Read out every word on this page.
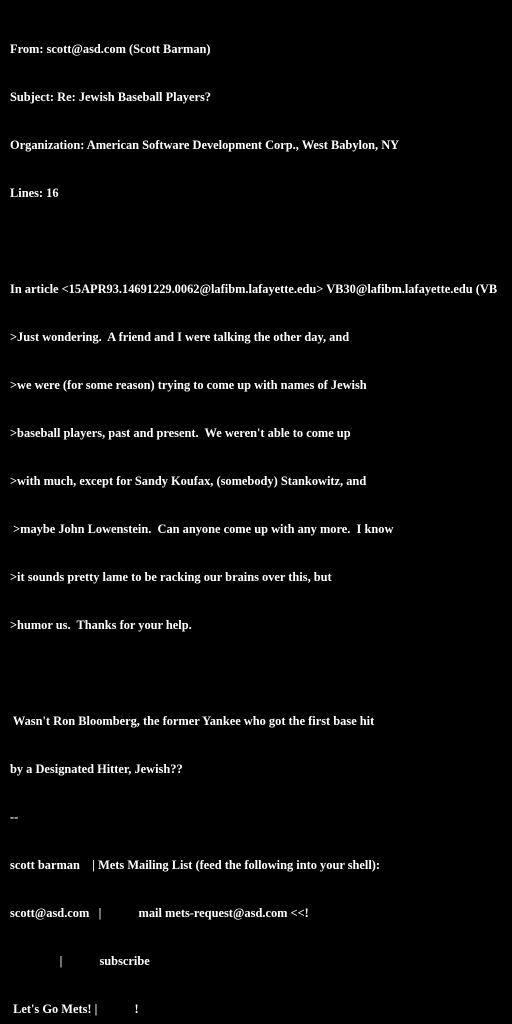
From: scott@asd.com (Scott Barman)

Subject: Re: Jewish Baseball Players?

Organization: American Software Development Corp., West Babylon, NY

Lines: 16

In article <15APR93.14691229.0062@lafibm.lafayette.edu> VB30@lafibm.lafayette.edu (VB

>Just wondering.  A friend and I were talking the other day, and

>we were (for some reason) trying to come up with names of Jewish

>baseball players, past and present.  We weren't able to come up

>with much, except for Sandy Koufax, (somebody) Stankowitz, and

>maybe John Lowenstein.  Can anyone come up with any more.  I know

>it sounds pretty lame to be racking our brains over this, but

>humor us.  Thanks for your help.

Wasn't Ron Bloomberg, the former Yankee who got the first base hit

by a Designated Hitter, Jewish??

--

scott barman    | Mets Mailing List (feed the following into your shell):

scott@asd.com   |            mail mets-request@asd.com <<!

|            subscribe

Let's Go Mets! |            !
